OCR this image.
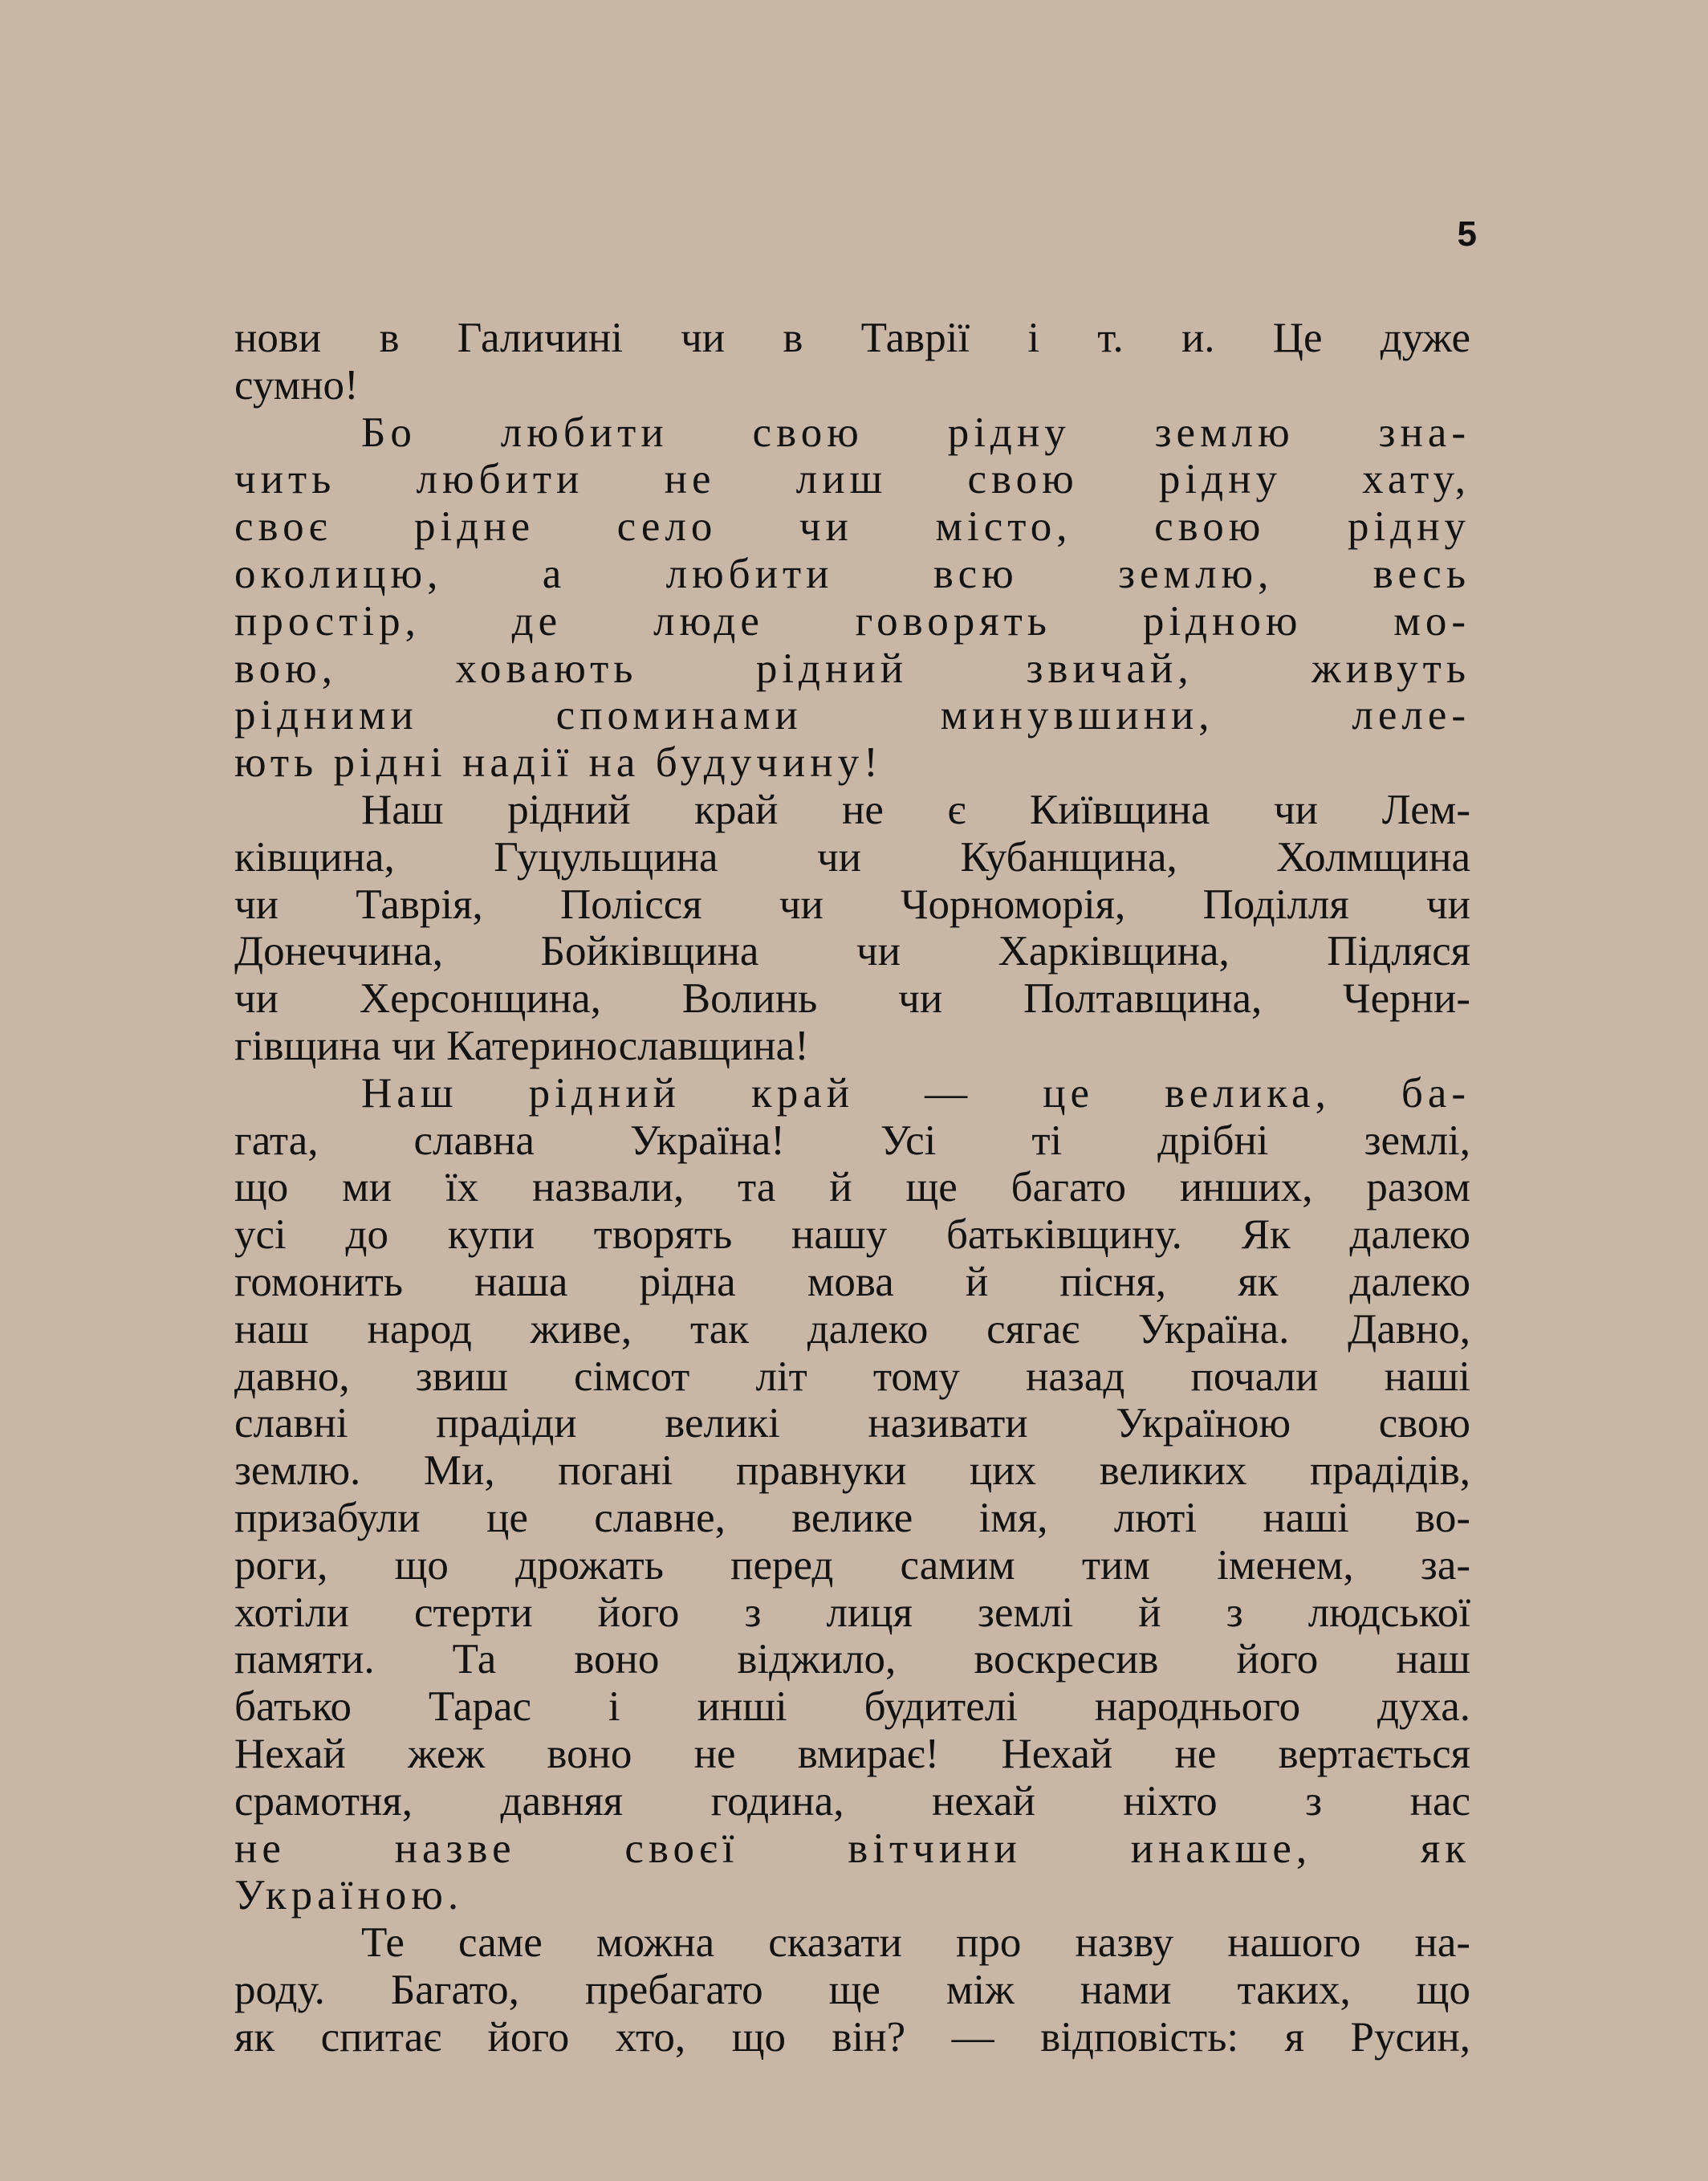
5
нови в Галичині чи в Таврії і т. и. Це дуже
сумно!
Бо любити свою рідну землю зна-
чить любити не лиш свою рідну хату,
своє рідне село чи місто, свою рідну
околицю, а любити всю землю, весь
простір, де люде говорять рідною мо-
вою, ховають рідний звичай, живуть
рідними споминами минувшини, леле-
ють рідні надії на будучину!
Наш рідний край не є Київщина чи Лем-
ківщина, Гуцульщина чи Кубанщина, Холмщина
чи Таврія, Полісся чи Чорноморія, Поділля чи
Донеччина, Бойківщина чи Харківщина, Підляся
чи Херсонщина, Волинь чи Полтавщина, Черни-
гівщина чи Катеринославщина!
Наш рідний край — це велика, ба-
гата, славна Україна! Усі ті дрібні землі,
що ми їх назвали, та й ще багато инших, разом
усі до купи творять нашу батьківщину. Як далеко
гомонить наша рідна мова й пісня, як далеко
наш народ живе, так далеко сягає Україна. Давно,
давно, звиш сімсот літ тому назад почали наші
славні прадіди великі називати Україною свою
землю. Ми, погані правнуки цих великих прадідів,
призабули це славне, велике імя, люті наші во-
роги, що дрожать перед самим тим іменем, за-
хотіли стерти його з лиця землі й з людської
памяти. Та воно віджило, воскресив його наш
батько Тарас і инші будителі народнього духа.
Нехай жеж воно не вмирає! Нехай не вертається
срамотня, давняя година, нехай ніхто з нас
не назве своєї вітчини инакше, як
Україною.
Те саме можна сказати про назву нашого на-
роду. Багато, пребагато ще між нами таких, що
як спитає його хто, що він? — відповість: я Русин,
